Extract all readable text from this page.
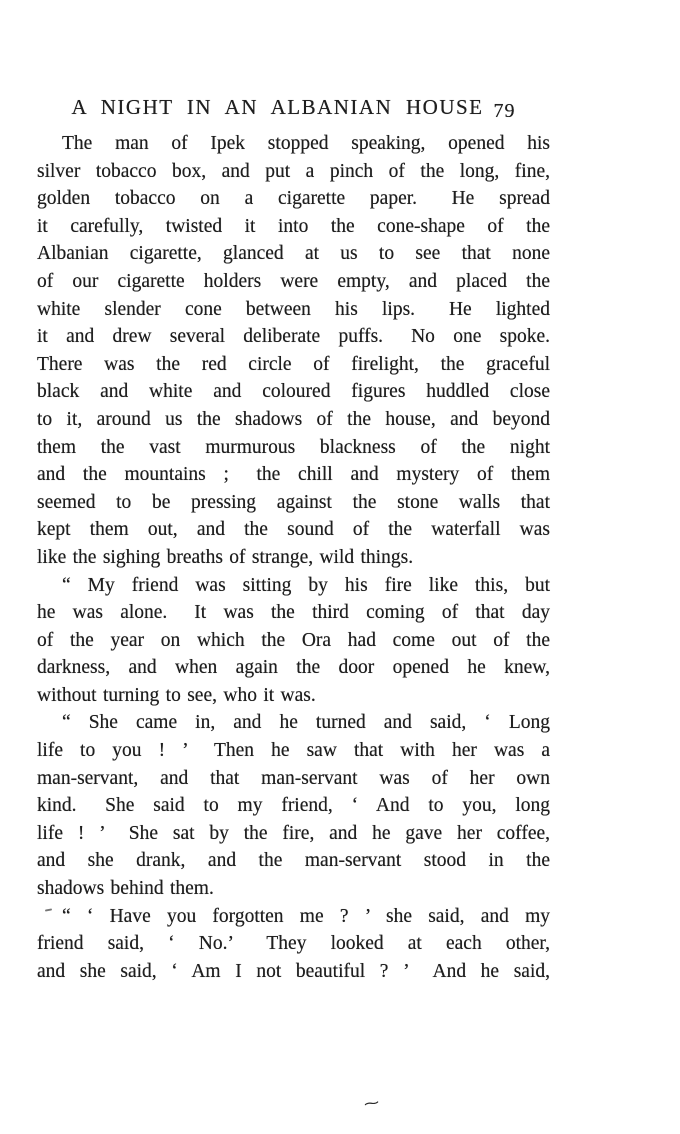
A NIGHT IN AN ALBANIAN HOUSE 79
The man of Ipek stopped speaking, opened his
silver tobacco box, and put a pinch of the long, fine,
golden tobacco on a cigarette paper.  He spread
it carefully, twisted it into the cone-shape of the
Albanian cigarette, glanced at us to see that none
of our cigarette holders were empty, and placed the
white slender cone between his lips.  He lighted
it and drew several deliberate puffs.  No one spoke.
There was the red circle of firelight, the graceful
black and white and coloured figures huddled close
to it, around us the shadows of the house, and beyond
them the vast murmurous blackness of the night
and the mountains ;  the chill and mystery of them
seemed to be pressing against the stone walls that
kept them out, and the sound of the waterfall was
like the sighing breaths of strange, wild things.
“ My friend was sitting by his fire like this, but
he was alone.  It was the third coming of that day
of the year on which the Ora had come out of the
darkness, and when again the door opened he knew,
without turning to see, who it was.
“ She came in, and he turned and said, ‘ Long
life to you ! ’  Then he saw that with her was a
man-servant, and that man-servant was of her own
kind.  She said to my friend, ‘ And to you, long
life ! ’  She sat by the fire, and he gave her coffee,
and she drank, and the man-servant stood in the
shadows behind them.
“ ‘ Have you forgotten me ? ’ she said, and my
friend said, ‘ No.’  They looked at each other,
and she said, ‘ Am I not beautiful ? ’  And he said,
⁓
